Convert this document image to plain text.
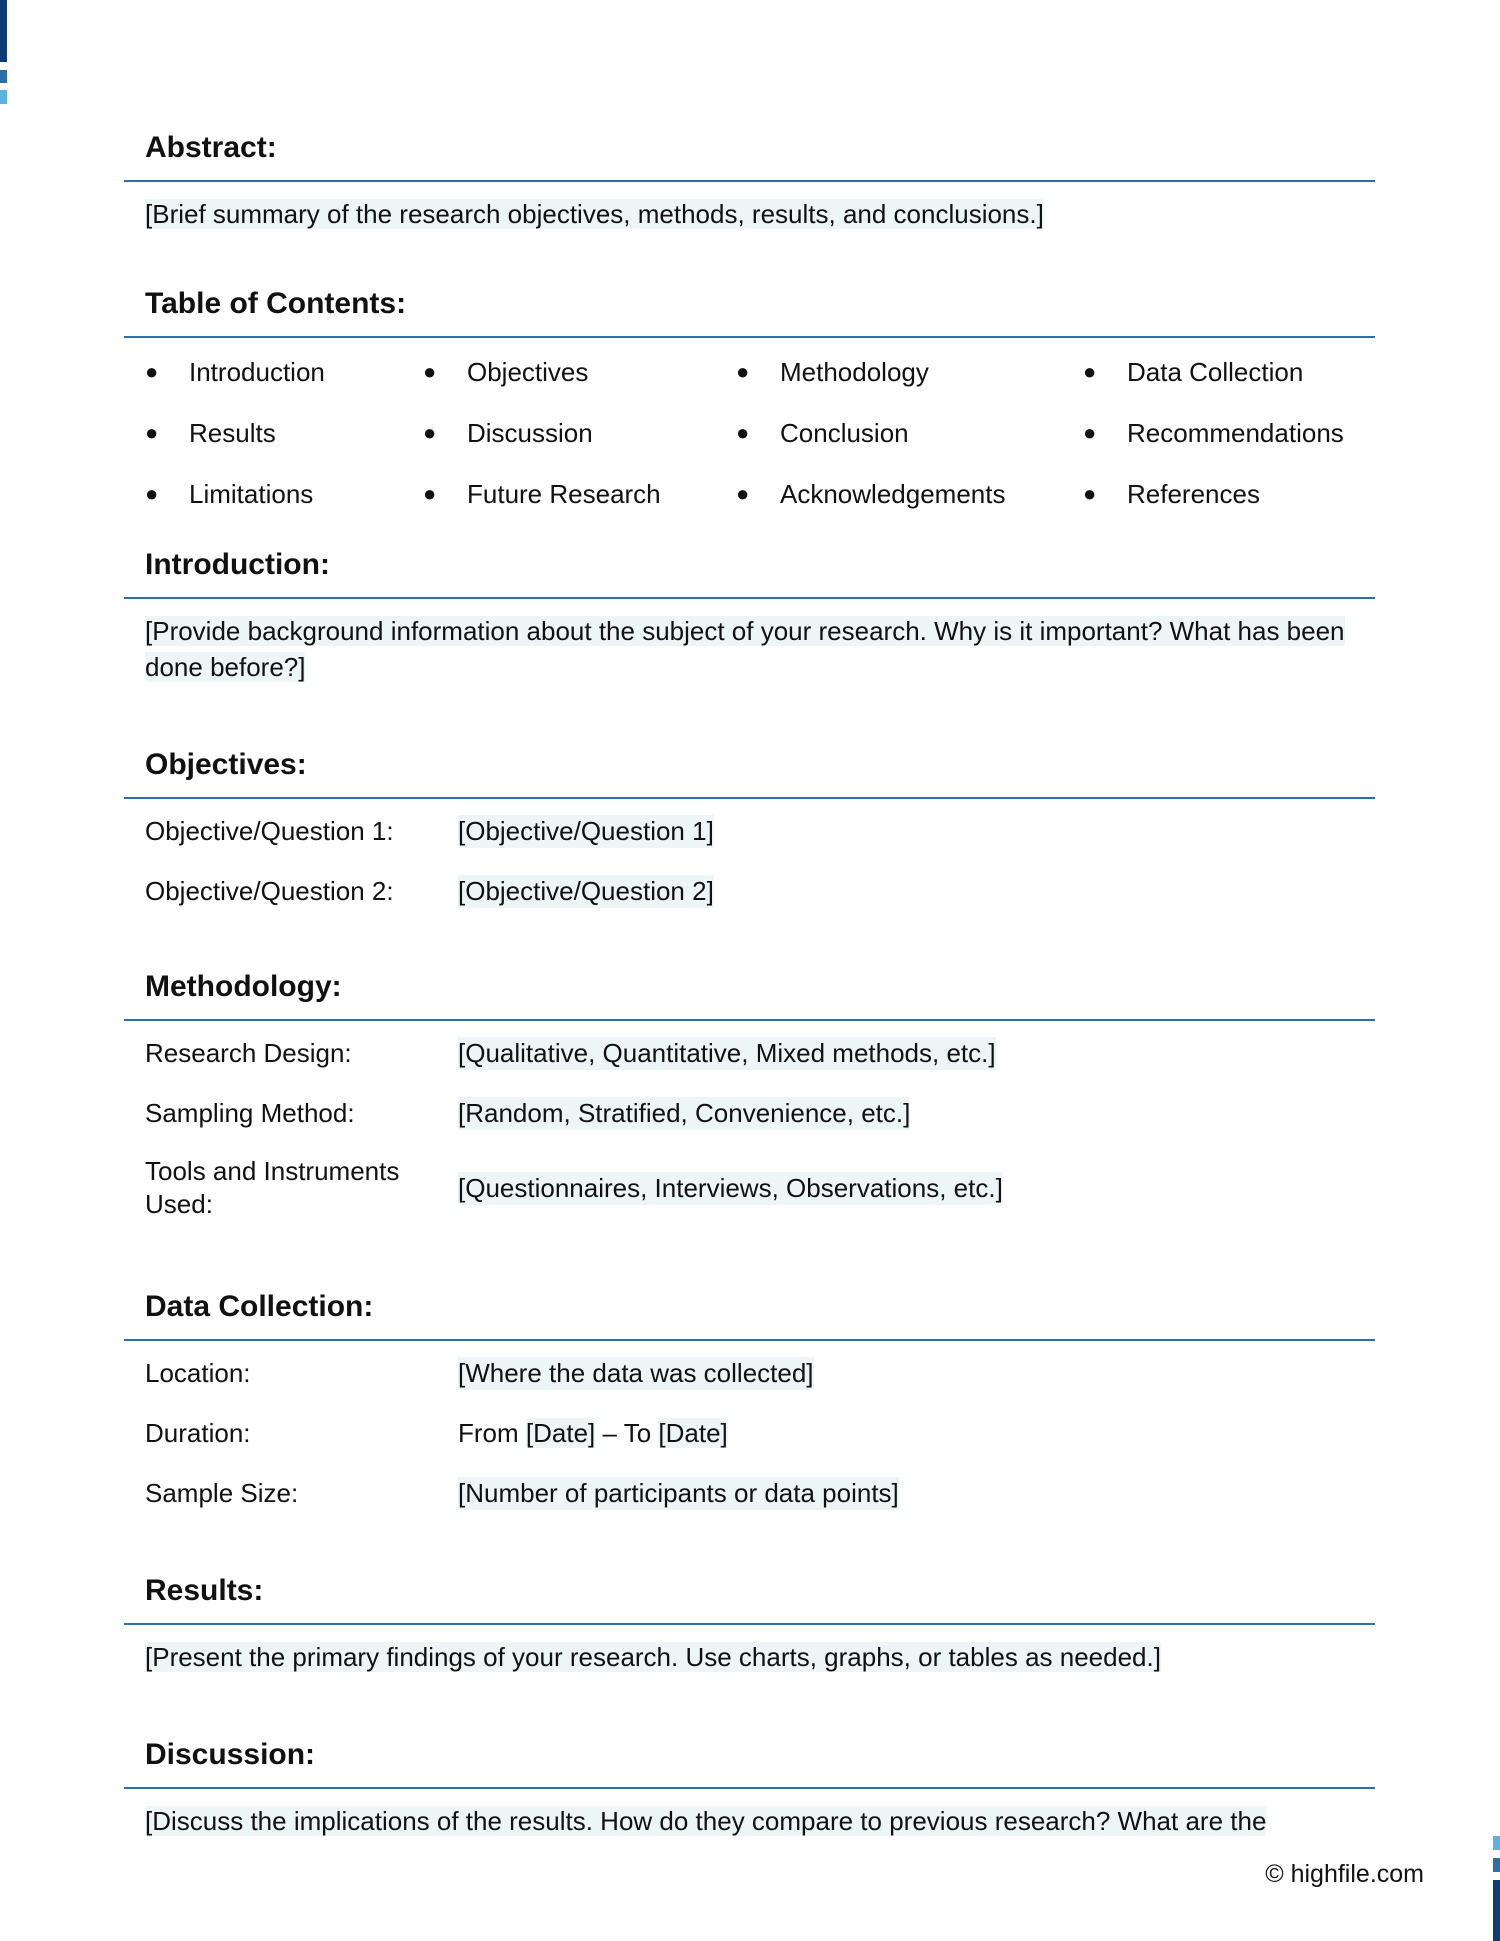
Abstract:

[Brief summary of the research objectives, methods, results, and conclusions.]

Table of Contents:
●	Introduction	●	Objectives	●	Methodology	●	Data Collection
●	Results	●	Discussion	●	Conclusion	●	Recommendations
●	Limitations	●	Future Research	●	Acknowledgements	●	References
Introduction:

[Provide background information about the subject of your research. Why is it important? What has been done before?]

Objectives:
Objective/Question 1:	[Objective/Question 1]
Objective/Question 2:	[Objective/Question 2]
Methodology:
Research Design:	[Qualitative, Quantitative, Mixed methods, etc.]
Sampling Method:	[Random, Stratified, Convenience, etc.]
Tools and Instruments Used:
[Questionnaires, Interviews, Observations, etc.]
Data Collection:
Location:	[Where the data was collected]
Duration:	From [Date] – To [Date]
Sample Size:	[Number of participants or data points]
Results:

[Present the primary findings of your research. Use charts, graphs, or tables as needed.]

Discussion:

[Discuss the implications of the results. How do they compare to previous research? What are the

© highfile.com
